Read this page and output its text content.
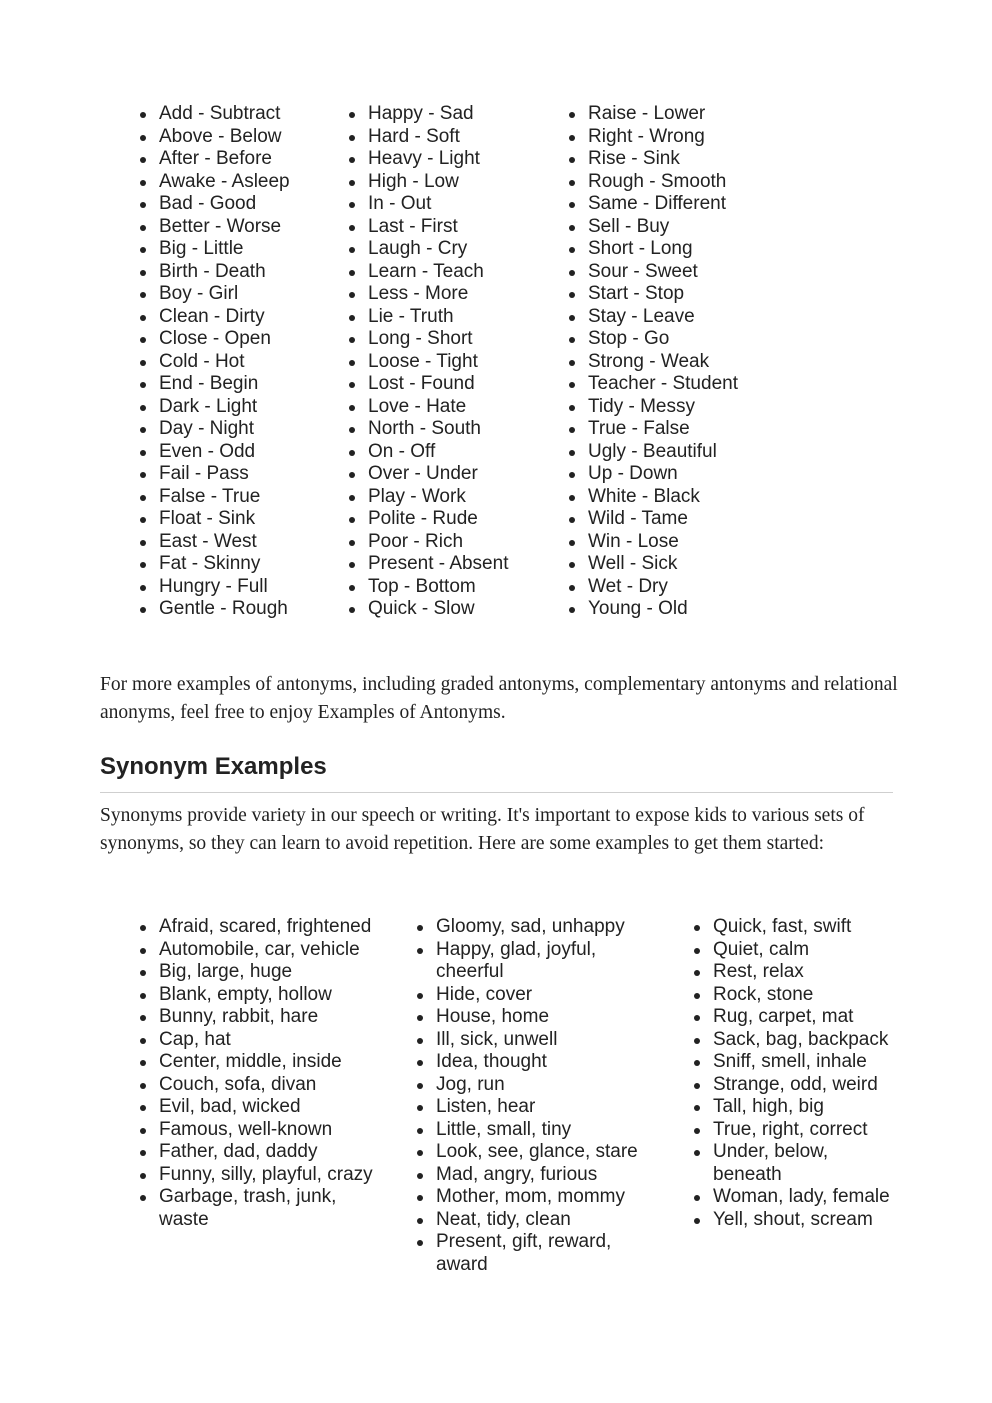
Add - Subtract
Above - Below
After - Before
Awake - Asleep
Bad - Good
Better - Worse
Big - Little
Birth - Death
Boy - Girl
Clean - Dirty
Close - Open
Cold - Hot
End - Begin
Dark - Light
Day - Night
Even - Odd
Fail - Pass
False - True
Float - Sink
East - West
Fat - Skinny
Hungry - Full
Gentle - Rough
Happy - Sad
Hard - Soft
Heavy - Light
High - Low
In - Out
Last - First
Laugh - Cry
Learn - Teach
Less - More
Lie - Truth
Long - Short
Loose - Tight
Lost - Found
Love - Hate
North - South
On - Off
Over - Under
Play - Work
Polite - Rude
Poor - Rich
Present - Absent
Top - Bottom
Quick - Slow
Raise - Lower
Right - Wrong
Rise - Sink
Rough - Smooth
Same - Different
Sell - Buy
Short - Long
Sour - Sweet
Start - Stop
Stay - Leave
Stop - Go
Strong - Weak
Teacher - Student
Tidy - Messy
True - False
Ugly - Beautiful
Up - Down
White - Black
Wild - Tame
Win - Lose
Well - Sick
Wet - Dry
Young - Old

For more examples of antonyms, including graded antonyms, complementary antonyms and relational anonyms, feel free to enjoy Examples of Antonyms.

Synonym Examples

Synonyms provide variety in our speech or writing. It's important to expose kids to various sets of synonyms, so they can learn to avoid repetition. Here are some examples to get them started:

Afraid, scared, frightened
Automobile, car, vehicle
Big, large, huge
Blank, empty, hollow
Bunny, rabbit, hare
Cap, hat
Center, middle, inside
Couch, sofa, divan
Evil, bad, wicked
Famous, well-known
Father, dad, daddy
Funny, silly, playful, crazy
Garbage, trash, junk, waste
Gloomy, sad, unhappy
Happy, glad, joyful, cheerful
Hide, cover
House, home
Ill, sick, unwell
Idea, thought
Jog, run
Listen, hear
Little, small, tiny
Look, see, glance, stare
Mad, angry, furious
Mother, mom, mommy
Neat, tidy, clean
Present, gift, reward, award
Quick, fast, swift
Quiet, calm
Rest, relax
Rock, stone
Rug, carpet, mat
Sack, bag, backpack
Sniff, smell, inhale
Strange, odd, weird
Tall, high, big
True, right, correct
Under, below, beneath
Woman, lady, female
Yell, shout, scream
